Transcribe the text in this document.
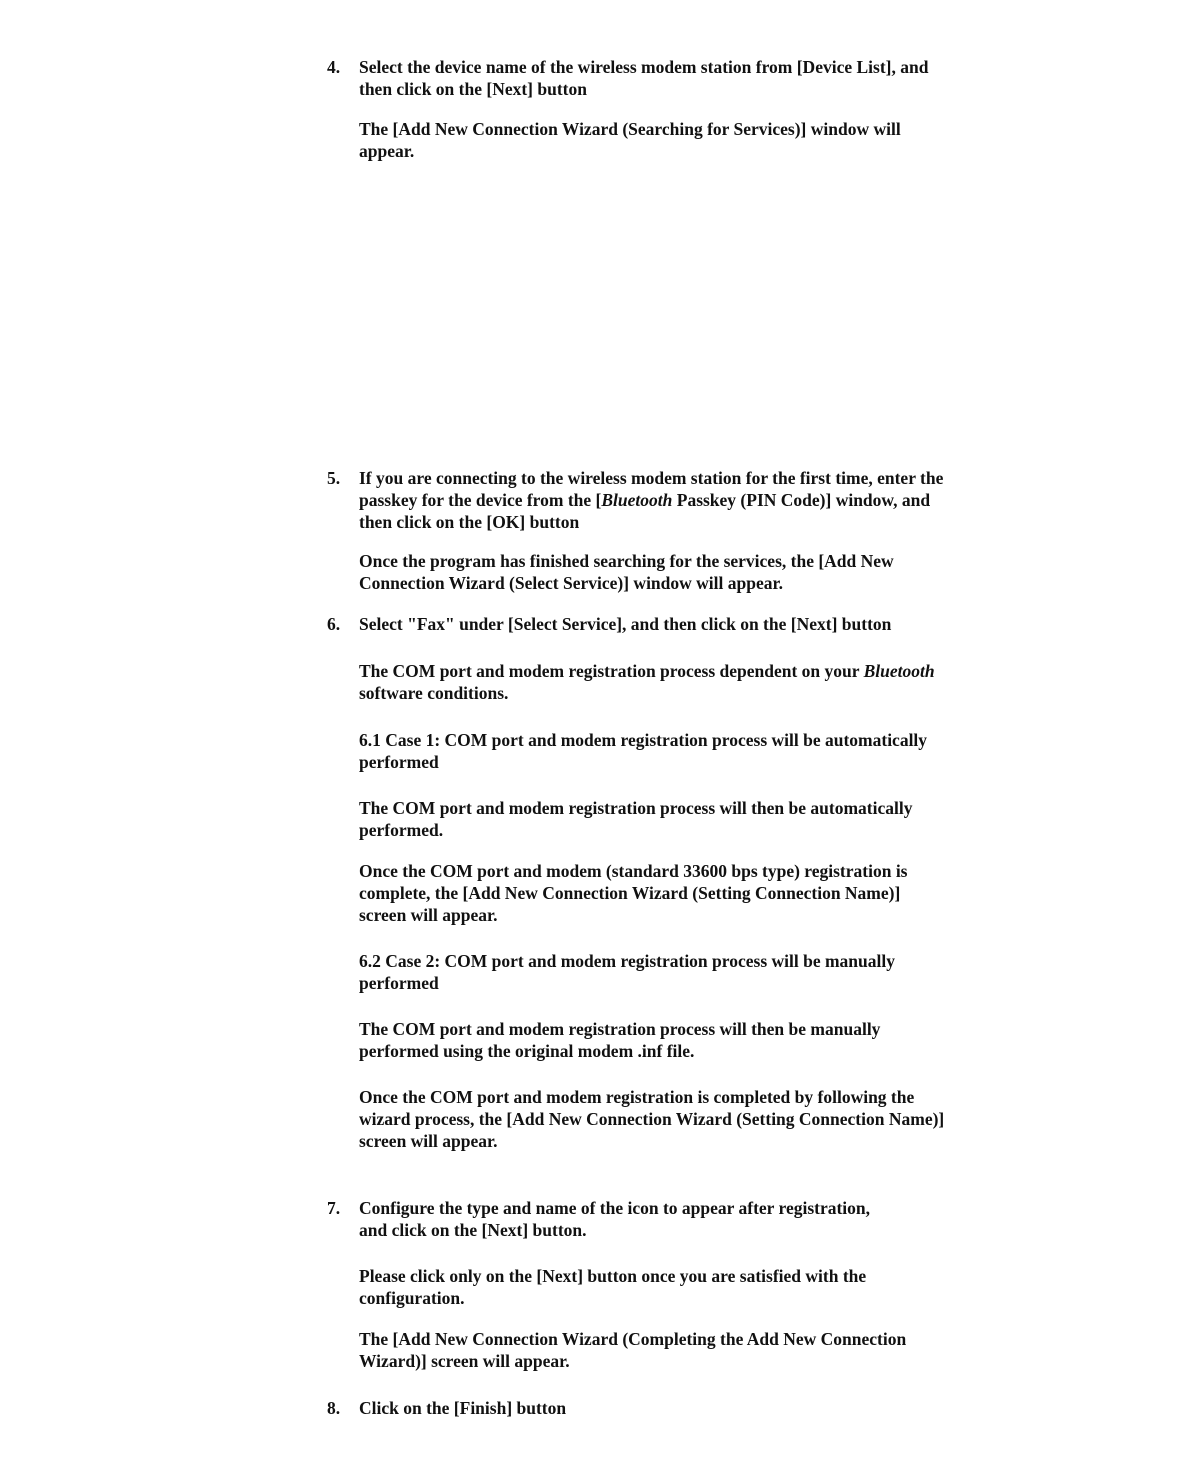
4. Select the device name of the wireless modem station from [Device List], and
then click on the [Next] button
The [Add New Connection Wizard (Searching for Services)] window will
appear.
5. If you are connecting to the wireless modem station for the first time, enter the
passkey for the device from the [Bluetooth Passkey (PIN Code)] window, and
then click on the [OK] button
Once the program has finished searching for the services, the [Add New
Connection Wizard (Select Service)] window will appear.
6. Select "Fax" under [Select Service], and then click on the [Next] button
The COM port and modem registration process dependent on your Bluetooth
software conditions.
6.1 Case 1: COM port and modem registration process will be automatically
performed
The COM port and modem registration process will then be automatically
performed.
Once the COM port and modem (standard 33600 bps type) registration is
complete, the [Add New Connection Wizard (Setting Connection Name)]
screen will appear.
6.2 Case 2: COM port and modem registration process will be manually
performed
The COM port and modem registration process will then be manually
performed using the original modem .inf file.
Once the COM port and modem registration is completed by following the
wizard process, the [Add New Connection Wizard (Setting Connection Name)]
screen will appear.
7. Configure the type and name of the icon to appear after registration,
and click on the [Next] button.
Please click only on the [Next] button once you are satisfied with the
configuration.
The [Add New Connection Wizard (Completing the Add New Connection
Wizard)] screen will appear.
8. Click on the [Finish] button
